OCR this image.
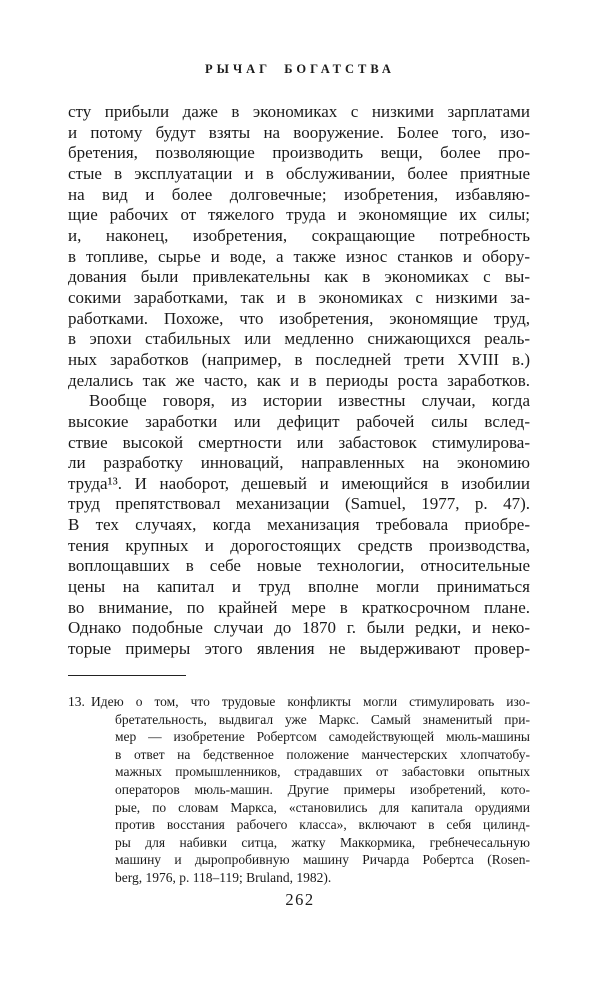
РЫЧАГ БОГАТСТВА
сту прибыли даже в экономиках с низкими зарплатами
и потому будут взяты на вооружение. Более того, изо-
бретения, позволяющие производить вещи, более про-
стые в эксплуатации и в обслуживании, более приятные
на вид и более долговечные; изобретения, избавляю-
щие рабочих от тяжелого труда и экономящие их силы;
и, наконец, изобретения, сокращающие потребность
в топливе, сырье и воде, а также износ станков и обору-
дования были привлекательны как в экономиках с вы-
сокими заработками, так и в экономиках с низкими за-
работками. Похоже, что изобретения, экономящие труд,
в эпохи стабильных или медленно снижающихся реаль-
ных заработков (например, в последней трети XVIII в.)
делались так же часто, как и в периоды роста заработков.
Вообще говоря, из истории известны случаи, когда
высокие заработки или дефицит рабочей силы вслед-
ствие высокой смертности или забастовок стимулирова-
ли разработку инноваций, направленных на экономию
труда¹³. И наоборот, дешевый и имеющийся в изобилии
труд препятствовал механизации (Samuel, 1977, p. 47).
В тех случаях, когда механизация требовала приобре-
тения крупных и дорогостоящих средств производства,
воплощавших в себе новые технологии, относительные
цены на капитал и труд вполне могли приниматься
во внимание, по крайней мере в краткосрочном плане.
Однако подобные случаи до 1870 г. были редки, и неко-
торые примеры этого явления не выдерживают провер-
13. Идею о том, что трудовые конфликты могли стимулировать изо-
бретательность, выдвигал уже Маркс. Самый знаменитый при-
мер — изобретение Робертсом самодействующей мюль-машины
в ответ на бедственное положение манчестерских хлопчатобу-
мажных промышленников, страдавших от забастовки опытных
операторов мюль-машин. Другие примеры изобретений, кото-
рые, по словам Маркса, «становились для капитала орудиями
против восстания рабочего класса», включают в себя цилинд-
ры для набивки ситца, жатку Маккормика, гребнечесальную
машину и дыропробивную машину Ричарда Робертса (Rosen-
berg, 1976, p. 118–119; Bruland, 1982).
262
